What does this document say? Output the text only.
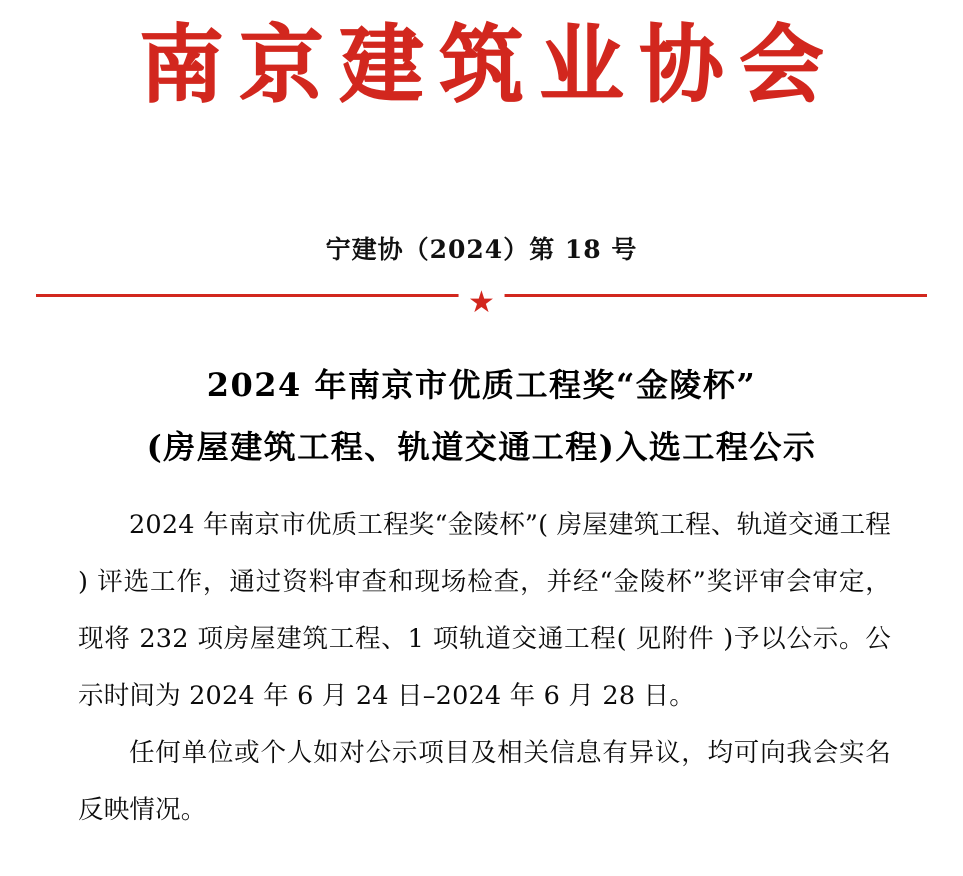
南京建筑业协会
宁建协（2024）第 18 号
★
2024 年南京市优质工程奖“金陵杯”
(房屋建筑工程、轨道交通工程)入选工程公示

2024 年南京市优质工程奖“金陵杯”( 房屋建筑工程、轨道交通工程 ) 评选工作，通过资料审查和现场检查，并经“金陵杯”奖评审会审定，现将 232 项房屋建筑工程、1 项轨道交通工程( 见附件 )予以公示。公示时间为 2024 年 6 月 24 日–2024 年 6 月 28 日。

任何单位或个人如对公示项目及相关信息有异议，均可向我会实名反映情况。
